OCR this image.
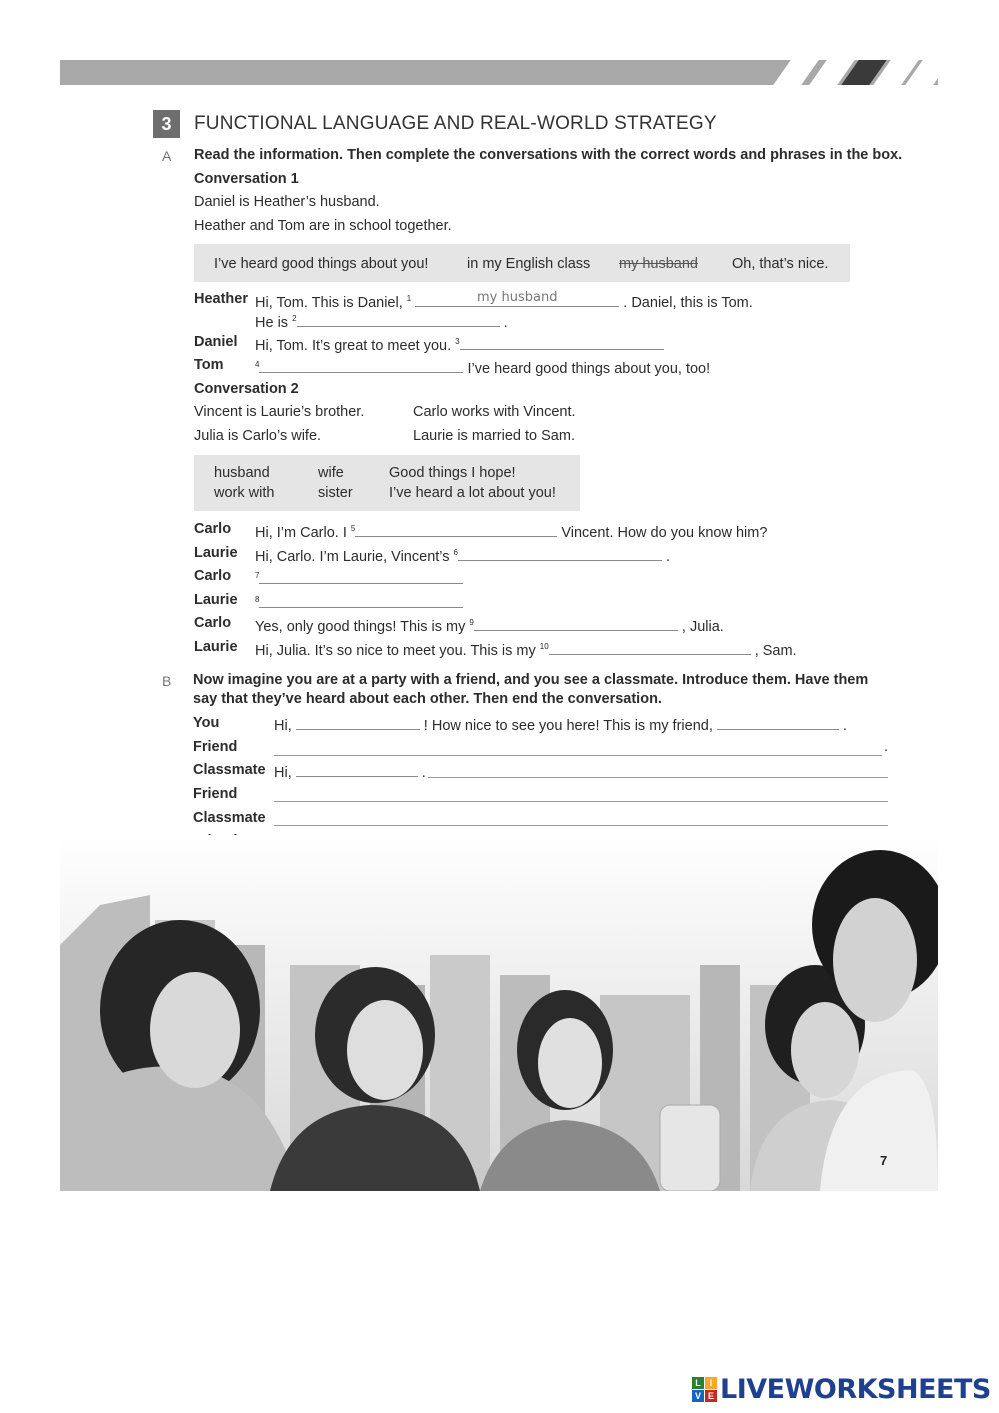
3	FUNCTIONAL LANGUAGE AND REAL-WORLD STRATEGY
A Read the information. Then complete the conversations with the correct words and phrases in the box.
Conversation 1
Daniel is Heather’s husband.
Heather and Tom are in school together.
I’ve heard good things about you!	in my English class my husband Oh, that’s nice.
Heather Hi, Tom. This is Daniel, $^1$	my husband	. Daniel, this is Tom.
He is $^2$	.
Daniel Hi, Tom. It’s great to meet you. $^3$
Tom	$^4$	I’ve heard good things about you, too!
Conversation 2
Vincent is Laurie’s brother.	Carlo works with Vincent.
Julia is Carlo’s wife.	Laurie is married to Sam.
husband	wife	Good things I hope!
work with	sister	I’ve heard a lot about you!
Carlo Hi, I’m Carlo. I $^5$	Vincent. How do you know him?
Laurie Hi, Carlo. I’m Laurie, Vincent’s $^6$	.
Carlo	$^7$
Laurie $^8$
Carlo Yes, only good things! This is my $^9$	, Julia.
Laurie Hi, Julia. It’s so nice to meet you. This is my $^{10}$	, Sam.
B Now imagine you are at a party with a friend, and you see a classmate. Introduce them. Have them
say that they’ve heard about each other. Then end the conversation.
You	Hi,	! How nice to see you here! This is my friend,	.
Friend	.
Classmate Hi,	.
Friend
Classmate
7
L I
V E LIVEWORKSHEETS
